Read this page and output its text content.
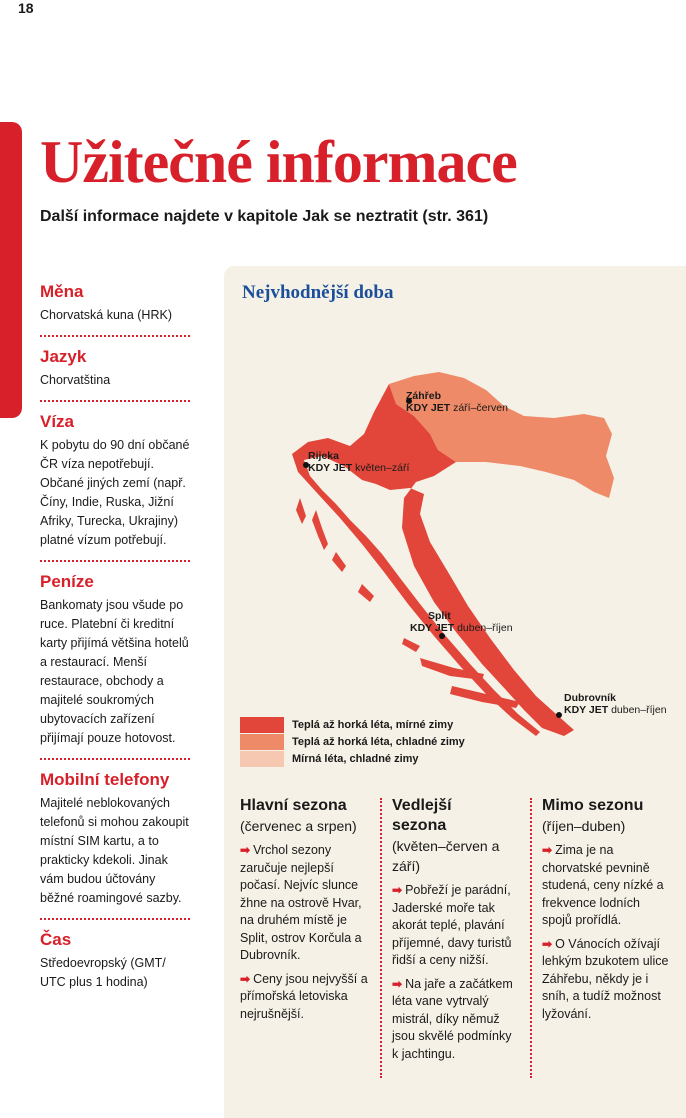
18
Užitečné informace
Další informace najdete v kapitole Jak se neztratit (str. 361)
Měna

Chorvatská kuna (HRK)

Jazyk

Chorvatština

Víza

K pobytu do 90 dní občané ČR víza nepotřebují. Občané jiných zemí (např. Číny, Indie, Ruska, Jižní Afriky, Turecka, Ukrajiny) platné vízum potřebují.

Peníze

Bankomaty jsou všude po ruce. Platební či kreditní karty přijímá většina hotelů a restaurací. Menší restaurace, obchody a majitelé soukromých ubytovacích zařízení přijímají pouze hotovost.

Mobilní telefony

Majitelé neblokovaných telefonů si mohou zakoupit místní SIM kartu, a to prakticky kdekoli. Jinak vám budou účtovány běžné roamingové sazby.

Čas

Středoevropský (GMT/ UTC plus 1 hodina)

Nejvhodnější doba
Záhřeb
KDY JET září–červen
Rijeka
KDY JET květen–září
Split
KDY JET duben–říjen
Dubrovník
KDY JET duben–říjen
Teplá až horká léta, mírné zimy
Teplá až horká léta, chladné zimy
Mírná léta, chladné zimy

Hlavní sezona

(červenec a srpen)

➡ Vrchol sezony zaručuje nejlepší počasí. Nejvíc slunce žhne na ostrově Hvar, na druhém místě je Split, ostrov Korčula a Dubrovník.

➡ Ceny jsou nejvyšší a přímořská letoviska nejrušnější.

Vedlejší sezona

(květen–červen a září)

➡ Pobřeží je parádní, Jaderské moře tak akorát teplé, plavání příjemné, davy turistů řidší a ceny nižší.

➡ Na jaře a začátkem léta vane vytrvalý mistrál, díky němuž jsou skvělé podmínky k jachtingu.

Mimo sezonu

(říjen–duben)

➡ Zima je na chorvatské pevnině studená, ceny nízké a frekvence lodních spojů prořídlá.

➡ O Vánocích ožívají lehkým bzukotem ulice Záhřebu, někdy je i sníh, a tudíž možnost lyžování.
